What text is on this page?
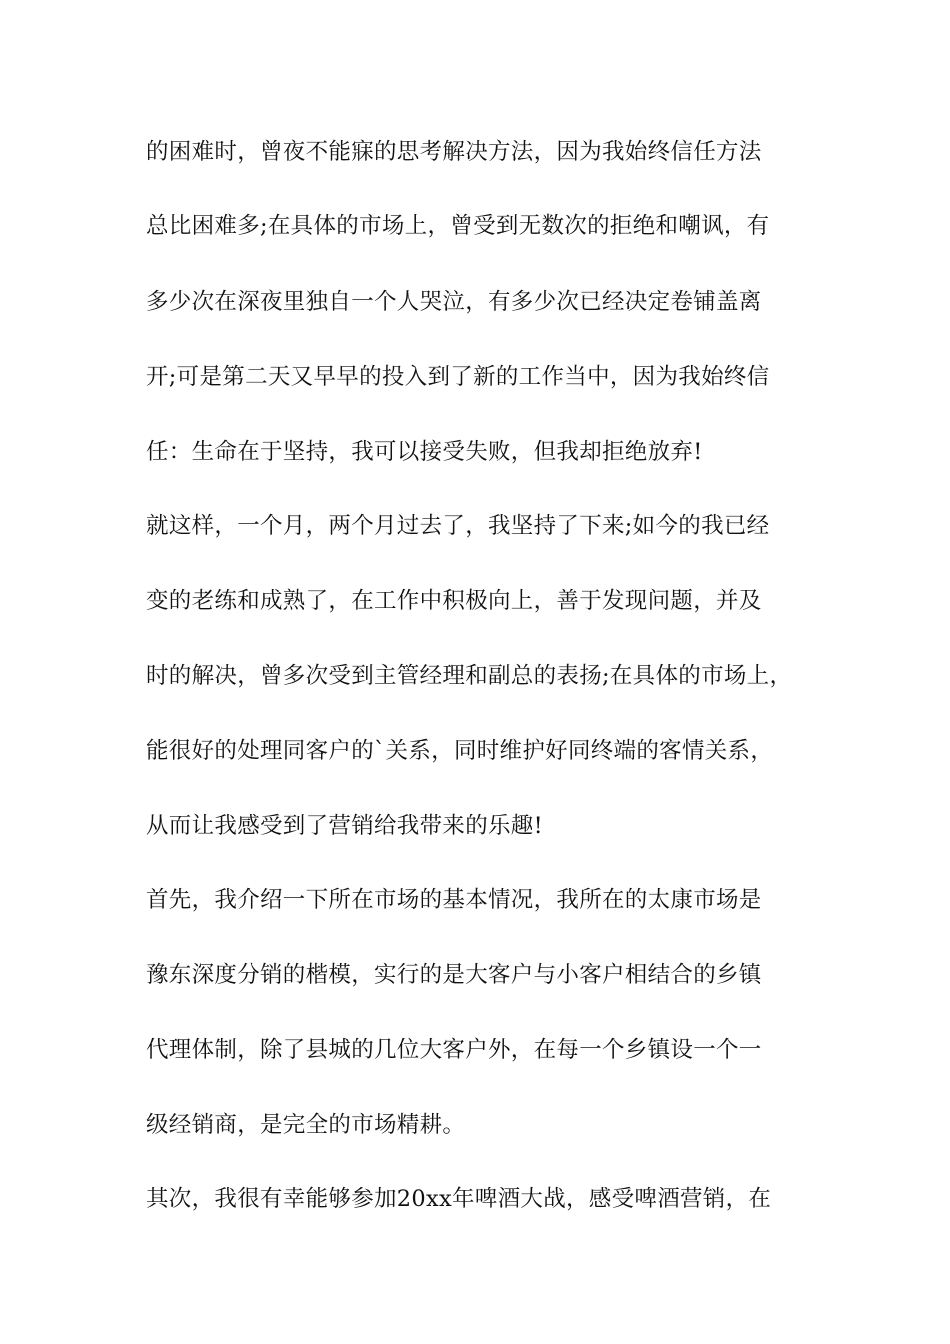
的困难时，曾夜不能寐的思考解决方法，因为我始终信任方法
总比困难多;在具体的市场上，曾受到无数次的拒绝和嘲讽，有
多少次在深夜里独自一个人哭泣，有多少次已经决定卷铺盖离
开;可是第二天又早早的投入到了新的工作当中，因为我始终信
任：生命在于坚持，我可以接受失败，但我却拒绝放弃!
就这样，一个月，两个月过去了，我坚持了下来;如今的我已经
变的老练和成熟了，在工作中积极向上，善于发现问题，并及
时的解决，曾多次受到主管经理和副总的表扬;在具体的市场上，
能很好的处理同客户的`关系，同时维护好同终端的客情关系，
从而让我感受到了营销给我带来的乐趣!
首先，我介绍一下所在市场的基本情况，我所在的太康市场是
豫东深度分销的楷模，实行的是大客户与小客户相结合的乡镇
代理体制，除了县城的几位大客户外，在每一个乡镇设一个一
级经销商，是完全的市场精耕。
其次，我很有幸能够参加20xx年啤酒大战，感受啤酒营销，在
